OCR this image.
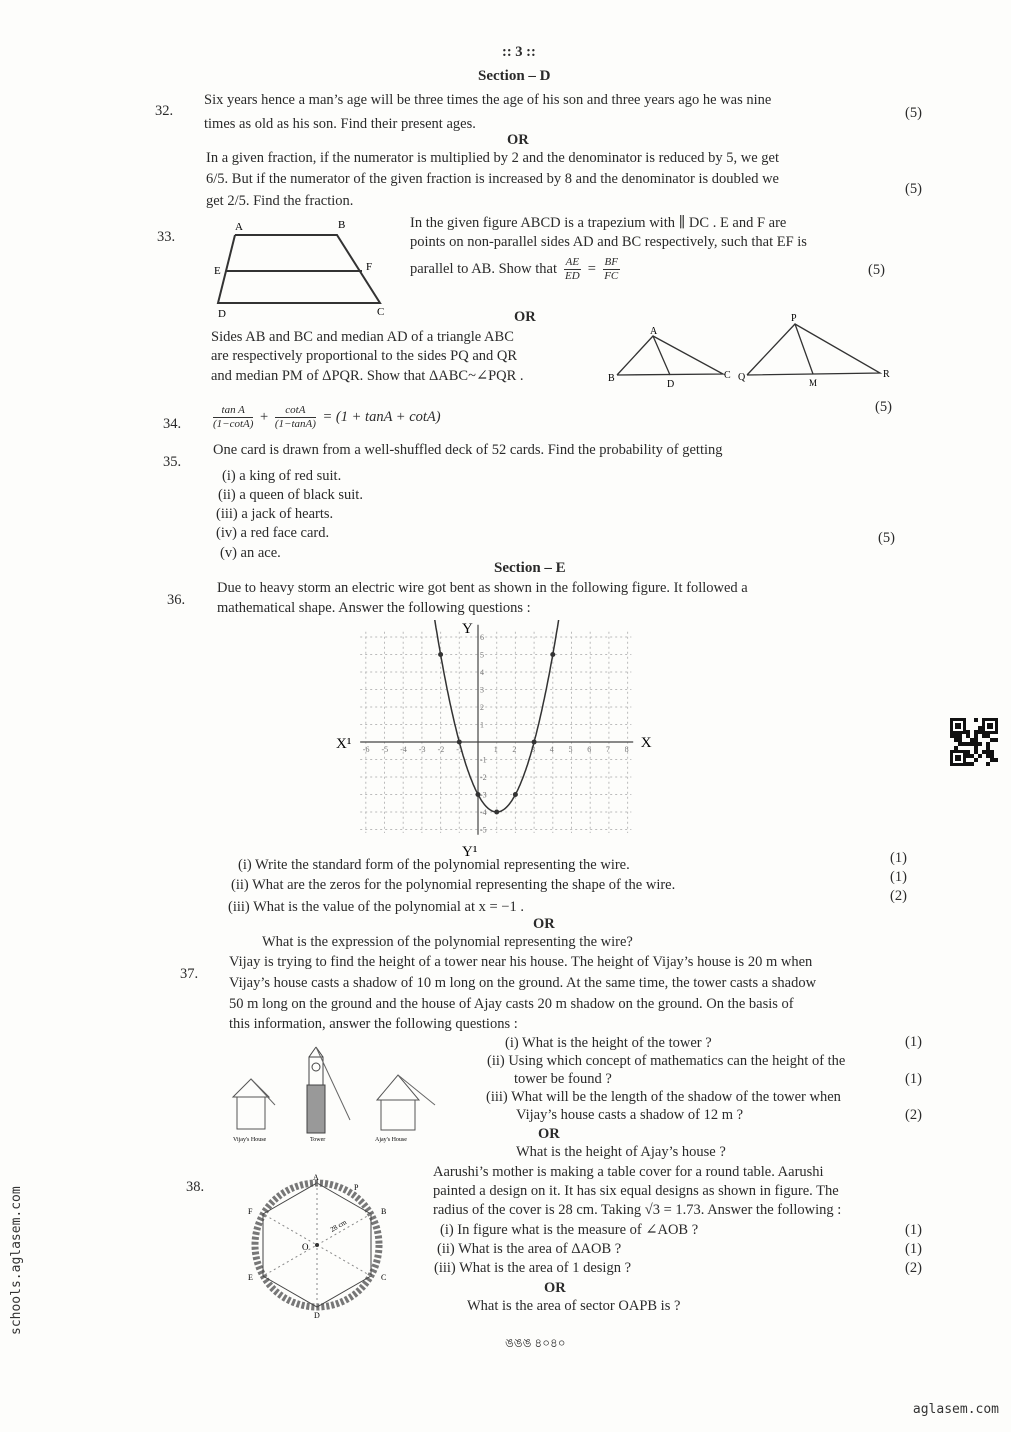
:: 3 ::
Section – D
32.
Six years hence a man’s age will be three times the age of his son and three years ago he was nine
times as old as his son. Find their present ages.
(5)
OR
In a given fraction, if the numerator is multiplied by 2 and the denominator is reduced by 5, we get
6/5. But if the numerator of the given fraction is increased by 8 and the denominator is doubled we
get 2/5. Find the fraction.
(5)
33.
A	B
C
D
E	F
In the given figure ABCD is a trapezium with ∥ DC . E and F are
points on non-parallel sides AD and BC respectively, such that EF is
parallel to AB. Show that $\frac{AE}{ED} = \frac{BF}{FC}$	(5)
OR
Sides AB and BC and median AD of a triangle ABC
are respectively proportional to the sides PQ and QR
and median PM of ΔPQR. Show that ΔABC~∠PQR .
A
B	C
D
P
Q	R
M
34.	$\frac{\text{tan A}}{(1-\cot A)} + \frac{\cot A}{(1-\tan A)} = (1 + \tan A + \cot A)$
(5)
35.
One card is drawn from a well-shuffled deck of 52 cards. Find the probability of getting
(i) a king of red suit.
(ii) a queen of black suit.
(iii) a jack of hearts.
(iv) a red face card.
(v) an ace.
(5)
Section – E
36.
Due to heavy storm an electric wire got bent as shown in the following figure. It followed a
mathematical shape. Answer the following questions :
-6 -5 -4 -3 -2 -1	1 2 3 4 5 6 7 8
6
5
4
3
2
1
-1
-2
-3
-4
-5
Y
Y¹
X
X¹
(i) Write the standard form of the polynomial representing the wire.
(ii) What are the zeros for the polynomial representing the shape of the wire.
(iii) What is the value of the polynomial at x = −1 .
(1)
(1)
(2)
OR
What is the expression of the polynomial representing the wire?
37.
Vijay is trying to find the height of a tower near his house. The height of Vijay’s house is 20 m when
Vijay’s house casts a shadow of 10 m long on the ground. At the same time, the tower casts a shadow
50 m long on the ground and the house of Ajay casts 20 m shadow on the ground. On the basis of
this information, answer the following questions :
Vijay's House	Tower	Ajay's House
(i) What is the height of the tower ?
(ii) Using which concept of mathematics can the height of the
tower be found ?
(iii) What will be the length of the shadow of the tower when
Vijay’s house casts a shadow of 12 m ?
(1)
(1)
(2)
OR
What is the height of Ajay’s house ?
38.
A
P
B
C
D
E
F
O
28 cm
Aarushi’s mother is making a table cover for a round table. Aarushi
painted a design on it. It has six equal designs as shown in figure. The
radius of the cover is 28 cm. Taking √3 = 1.73. Answer the following :
(i) In figure what is the measure of ∠AOB ?
(ii) What is the area of ΔAOB ?
(iii) What is the area of 1 design ?
(1)
(1)
(2)
OR
What is the area of sector OAPB is ?
ঙঙঙ ৪০৪০
schools.aglasem.com
aglasem.com
